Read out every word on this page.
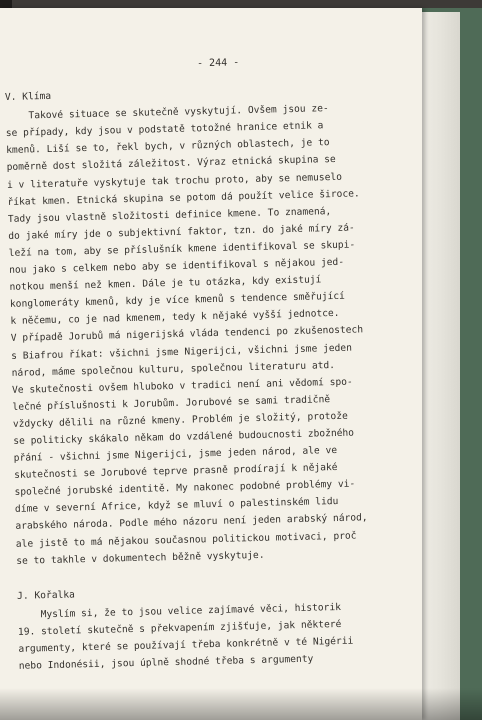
- 244 -
V. Klíma
Takové situace se skutečně vyskytují. Ovšem jsou ze-
se případy, kdy jsou v podstatě totožné hranice etnik a
kmenů. Liší se to, řekl bych, v různých oblastech, je to
poměrně dost složitá záležitost. Výraz etnická skupina se
i v literatuře vyskytuje tak trochu proto, aby se nemuselo
říkat kmen. Etnická skupina se potom dá použít velice široce.
Tady jsou vlastně složitosti definice kmene. To znamená,
do jaké míry jde o subjektivní faktor, tzn. do jaké míry zá-
leží na tom, aby se příslušník kmene identifikoval se skupi-
nou jako s celkem nebo aby se identifikoval s nějakou jed-
notkou menší než kmen. Dále je tu otázka, kdy existují
konglomeráty kmenů, kdy je více kmenů s tendence směřující
k něčemu, co je nad kmenem, tedy k nějaké vyšší jednotce.
V případě Jorubů má nigerijská vláda tendenci po zkušenostech
s Biafrou říkat: všichni jsme Nigerijci, všichni jsme jeden
národ, máme společnou kulturu, společnou literaturu atd.
Ve skutečnosti ovšem hluboko v tradici není ani vědomí spo-
lečné příslušnosti k Jorubům. Jorubové se sami tradičně
vždycky dělili na různé kmeny. Problém je složitý, protože
se politicky skákalo někam do vzdálené budoucnosti zbožného
přání - všichni jsme Nigerijci, jsme jeden národ, ale ve
skutečnosti se Jorubové teprve prasně prodírají k nějaké
společné jorubské identitě. My nakonec podobné problémy vi-
díme v severní Africe, když se mluví o palestinském lidu
arabského národa. Podle mého názoru není jeden arabský národ,
ale jistě to má nějakou současnou politickou motivaci, proč
se to takhle v dokumentech běžně vyskytuje.
J. Kořalka
Myslím si, že to jsou velice zajímavé věci, historik
19. století skutečně s překvapením zjišťuje, jak některé
argumenty, které se používají třeba konkrétně v té Nigérii
nebo Indonésii, jsou úplně shodné třeba s argumenty
